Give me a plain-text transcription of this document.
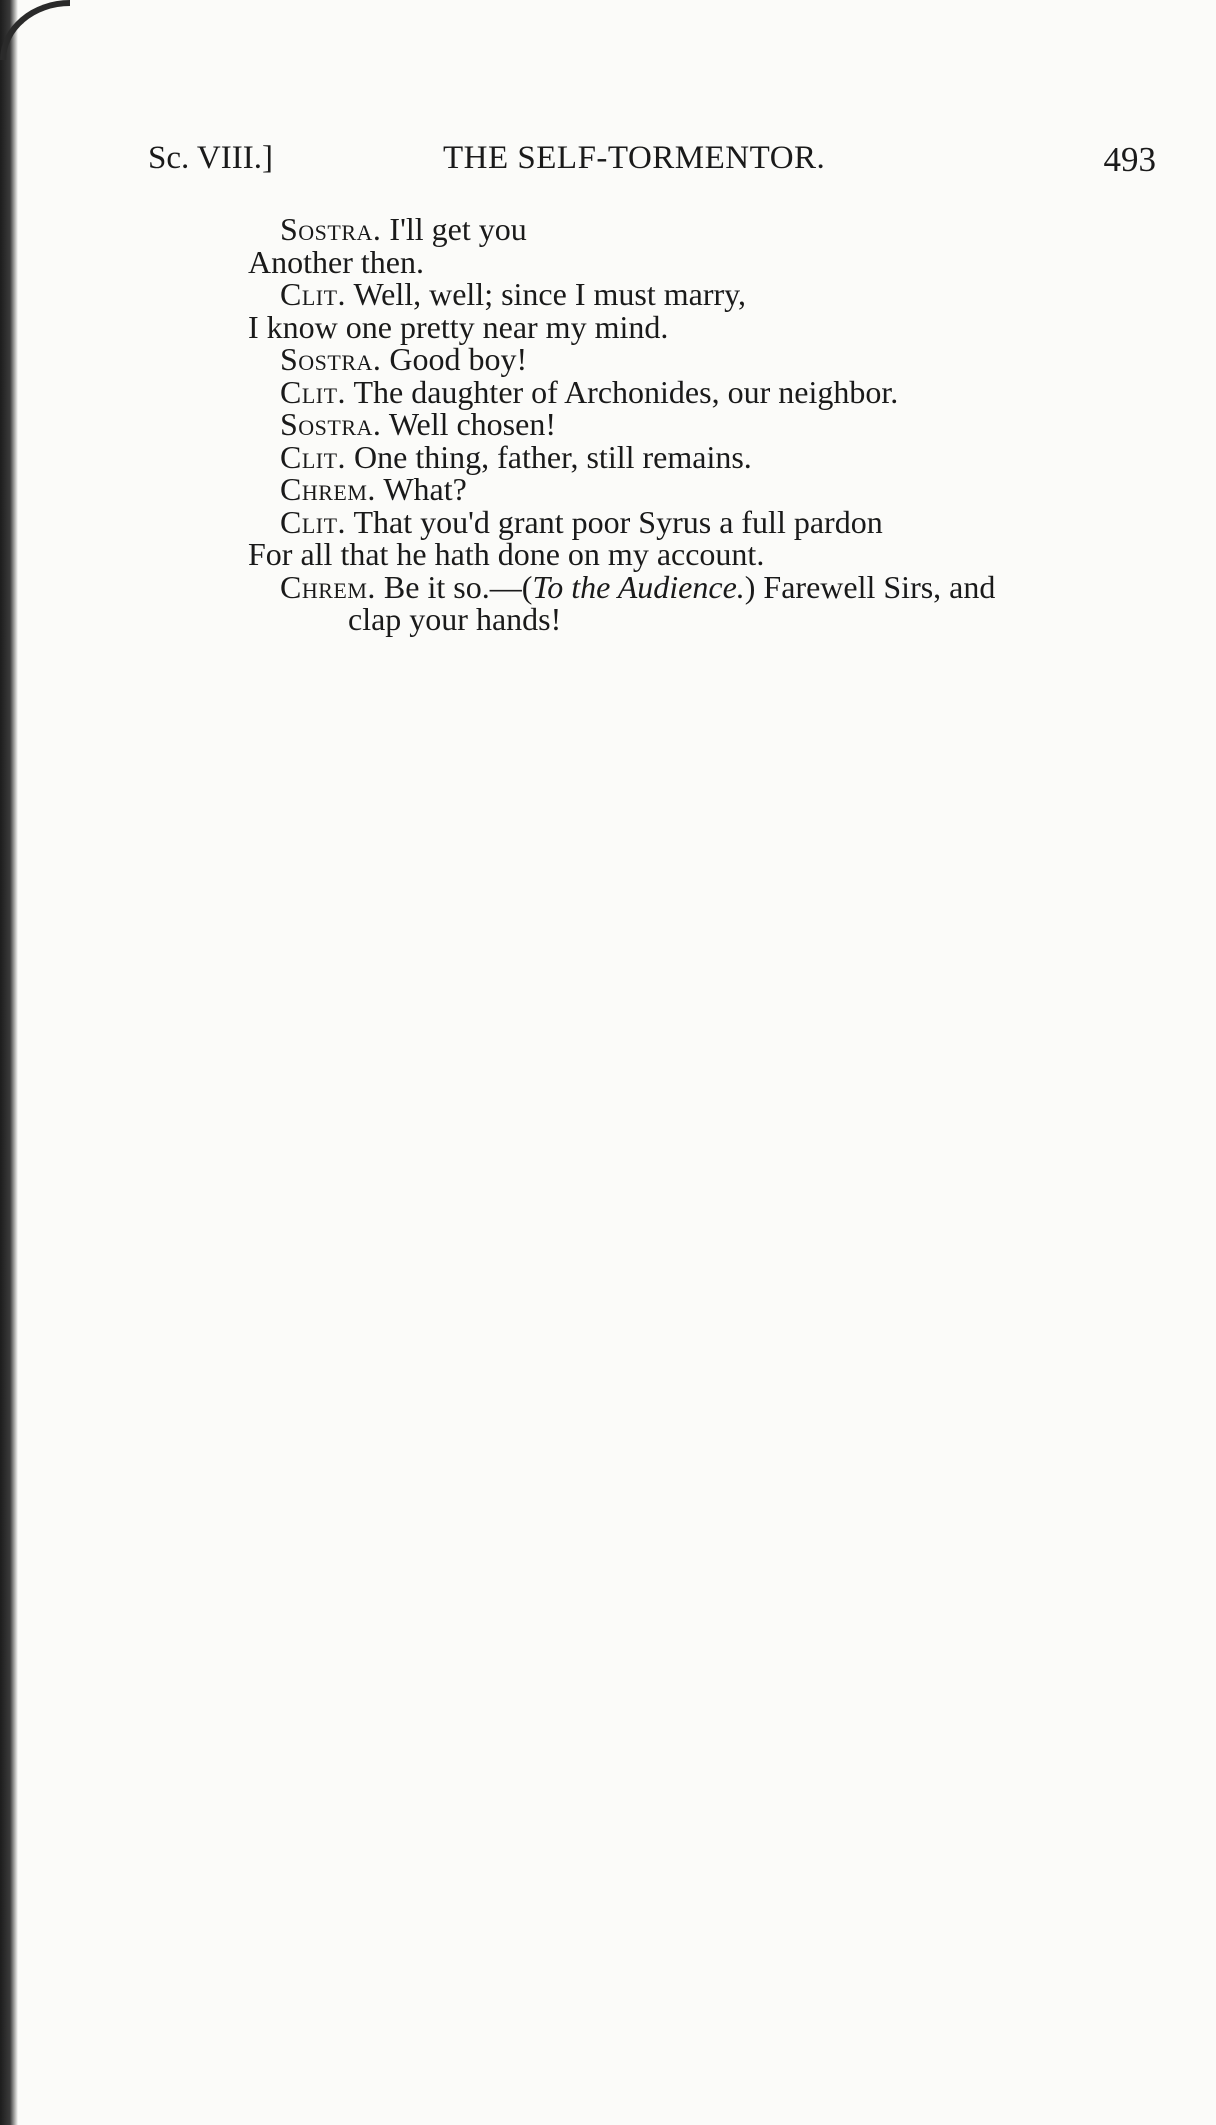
Sc. VIII.]	THE SELF-TORMENTOR.	493
Sostra. I'll get you
Another then.
Clit. Well, well; since I must marry,
I know one pretty near my mind.
Sostra. Good boy!
Clit. The daughter of Archonides, our neighbor.
Sostra. Well chosen!
Clit. One thing, father, still remains.
Chrem. What?
Clit. That you'd grant poor Syrus a full pardon
For all that he hath done on my account.
Chrem. Be it so.—(To the Audience.) Farewell Sirs, and
clap your hands!
